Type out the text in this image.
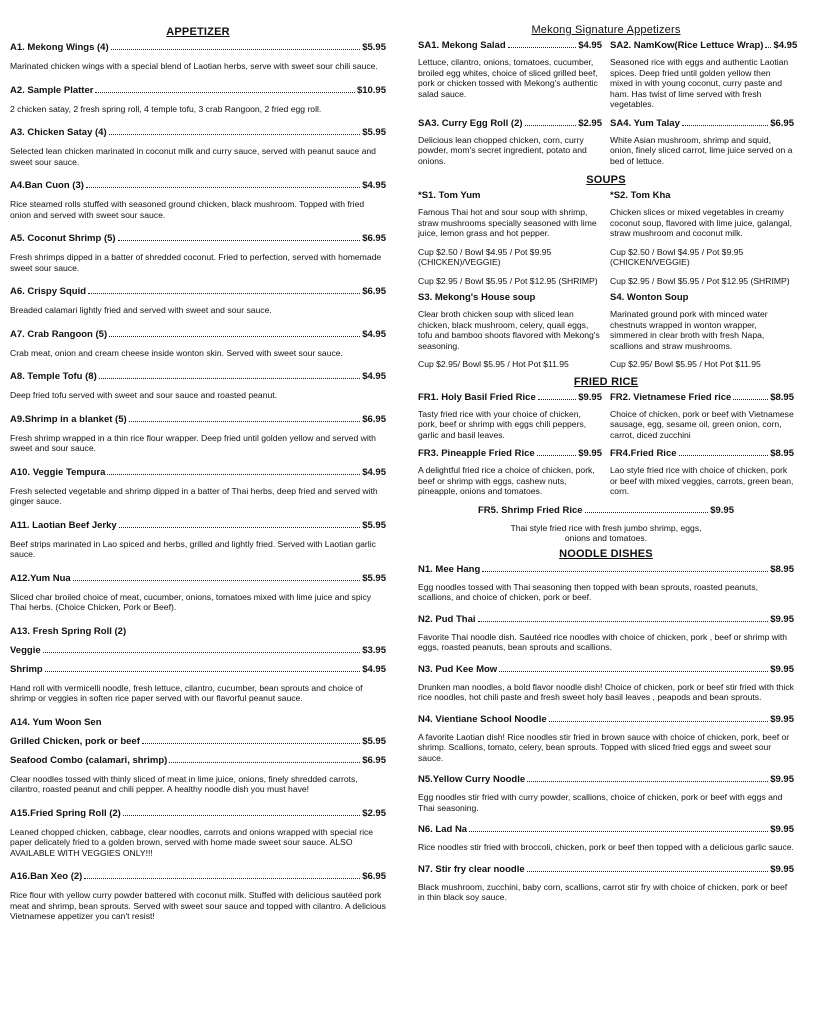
APPETIZER
A1. Mekong Wings (4)	$5.95
Marinated chicken wings with a special blend of Laotian herbs, serve with sweet sour chili sauce.
A2. Sample Platter	$10.95
2 chicken satay, 2 fresh spring roll, 4 temple tofu, 3 crab Rangoon, 2 fried egg roll.
A3. Chicken Satay (4)	$5.95
Selected lean chicken marinated in coconut milk and curry sauce, served with peanut sauce and sweet sour sauce.
A4.Ban Cuon (3)	$4.95
Rice steamed rolls stuffed with seasoned ground chicken, black mushroom. Topped with fried onion and served with sweet sour sauce.
A5. Coconut Shrimp (5)	$6.95
Fresh shrimps dipped in a batter of shredded coconut. Fried to perfection, served with homemade sweet sour sauce.
A6. Crispy Squid	$6.95
Breaded calamari lightly fried and served with sweet and sour sauce.
A7. Crab Rangoon (5)	$4.95
Crab meat, onion and cream cheese inside wonton skin. Served with sweet sour sauce.
A8. Temple Tofu (8)	$4.95
Deep fried tofu served with sweet and sour sauce and roasted peanut.
A9.Shrimp in a blanket (5)	$6.95
Fresh shrimp wrapped in a thin rice flour wrapper. Deep fried until golden yellow and served with sweet and sour sauce.
A10. Veggie Tempura	$4.95
Fresh selected vegetable and shrimp dipped in a batter of Thai herbs, deep fried and served with ginger sauce.
A11. Laotian Beef Jerky	$5.95
Beef strips marinated in Lao spiced and herbs, grilled and lightly fried. Served with Laotian garlic sauce.
A12.Yum Nua	$5.95
Sliced char broiled choice of meat, cucumber, onions, tomatoes mixed with lime juice and spicy Thai herbs. (Choice Chicken, Pork or Beef).
A13. Fresh Spring Roll (2)
Veggie	$3.95
Shrimp	$4.95
Hand roll with vermicelli noodle, fresh lettuce, cilantro, cucumber, bean sprouts and choice of shrimp or veggies in soften rice paper served with our flavorful peanut sauce.
A14. Yum Woon Sen
Grilled Chicken, pork or beef	$5.95
Seafood Combo (calamari, shrimp)	$6.95
Clear noodles tossed with thinly sliced of meat in lime juice, onions, finely shredded carrots, cilantro, roasted peanut and chili pepper. A healthy noodle dish you must have!
A15.Fried Spring Roll (2)	$2.95
Leaned chopped chicken, cabbage, clear noodles, carrots and onions wrapped with special rice paper delicately fried to a golden brown, served with home made sweet sour sauce. ALSO AVAILABLE WITH VEGGIES ONLY!!!
A16.Ban Xeo (2)	$6.95
Rice flour with yellow curry powder battered with coconut milk. Stuffed with delicious sautéed pork meat and shrimp, bean sprouts. Served with sweet sour sauce and topped with cilantro. A delicious Vietnamese appetizer you can't resist!
Mekong Signature Appetizers
SA1. Mekong Salad	$4.95
Lettuce, cilantro, onions, tomatoes, cucumber, broiled egg whites, choice of sliced grilled beef, pork or chicken tossed with Mekong's authentic salad sauce.
SA2. NamKow(Rice Lettuce Wrap) $4.95
Seasoned rice with eggs and authentic Laotian spices. Deep fried until golden yellow then mixed in with young coconut, curry paste and ham. Has twist of lime served with fresh vegetables.
SA3. Curry Egg Roll (2)	$2.95
Delicious lean chopped chicken, corn, curry powder, mom's secret ingredient, potato and onions.
SA4. Yum Talay	$6.95
White Asian mushroom, shrimp and squid, onion, finely sliced carrot, lime juice served on a bed of lettuce.
SOUPS
*S1. Tom Yum
Famous Thai hot and sour soup with shrimp, straw mushrooms specially seasoned with lime juice, lemon grass and hot pepper.
Cup $2.50 / Bowl $4.95 / Pot $9.95 (CHICKEN)/VEGGIE)
Cup $2.95 / Bowl $5.95 / Pot $12.95 (SHRIMP)
*S2. Tom Kha
Chicken slices or mixed vegetables in creamy coconut soup, flavored with lime juice, galangal, straw mushroom and coconut milk.
Cup $2.50 / Bowl $4.95 / Pot $9.95 (CHICKEN/VEGGIE)
Cup $2.95 / Bowl $5.95 / Pot $12.95 (SHRIMP)
S3. Mekong's House soup
Clear broth chicken soup with sliced lean chicken, black mushroom, celery, quail eggs, tofu and bamboo shoots flavored with Mekong's seasoning.
Cup $2.95/ Bowl $5.95 / Hot Pot $11.95
S4. Wonton Soup
Marinated ground pork with minced water chestnuts wrapped in wonton wrapper, simmered in clear broth with fresh Napa, scallions and straw mushrooms.
Cup $2.95/ Bowl $5.95 / Hot Pot $11.95
FRIED RICE
FR1. Holy Basil Fried Rice	$9.95
Tasty fried rice with your choice of chicken, pork, beef or shrimp with eggs chili peppers, garlic and basil leaves.
FR2. Vietnamese Fried rice	$8.95
Choice of chicken, pork or beef with Vietnamese sausage, egg, sesame oil, green onion, corn, carrot, diced zucchini
FR3. Pineapple Fried Rice	$9.95
A delightful fried rice a choice of chicken, pork, beef or shrimp with eggs, cashew nuts, pineapple, onions and tomatoes.
FR4.Fried Rice	$8.95
Lao style fried rice with choice of chicken, pork or beef with mixed veggies, carrots, green bean, corn.
FR5. Shrimp Fried Rice	$9.95
Thai style fried rice with fresh jumbo shrimp, eggs, onions and tomatoes.
NOODLE DISHES
N1. Mee Hang	$8.95
Egg noodles tossed with Thai seasoning then topped with bean sprouts, roasted peanuts, scallions, and choice of chicken, pork or beef.
N2. Pud Thai	$9.95
Favorite Thai noodle dish. Sautéed rice noodles with choice of chicken, pork , beef or shrimp with eggs, roasted peanuts, bean sprouts and scallions.
N3. Pud Kee Mow	$9.95
Drunken man noodles, a bold flavor noodle dish! Choice of chicken, pork or beef stir fried with thick rice noodles, hot chili paste and fresh sweet holy basil leaves , peapods and bean sprouts.
N4. Vientiane School Noodle	$9.95
A favorite Laotian dish! Rice noodles stir fried in brown sauce with choice of chicken, pork, beef or shrimp. Scallions, tomato, celery, bean sprouts. Topped with sliced fried eggs and sweet sour sauce.
N5.Yellow Curry Noodle	$9.95
Egg noodles stir fried with curry powder, scallions, choice of chicken, pork or beef with eggs and Thai seasoning.
N6. Lad Na	$9.95
Rice noodles stir fried with broccoli, chicken, pork or beef then topped with a delicious garlic sauce.
N7. Stir fry clear noodle	$9.95
Black mushroom, zucchini, baby corn, scallions, carrot stir fry with choice of chicken, pork or beef in thin black soy sauce.
